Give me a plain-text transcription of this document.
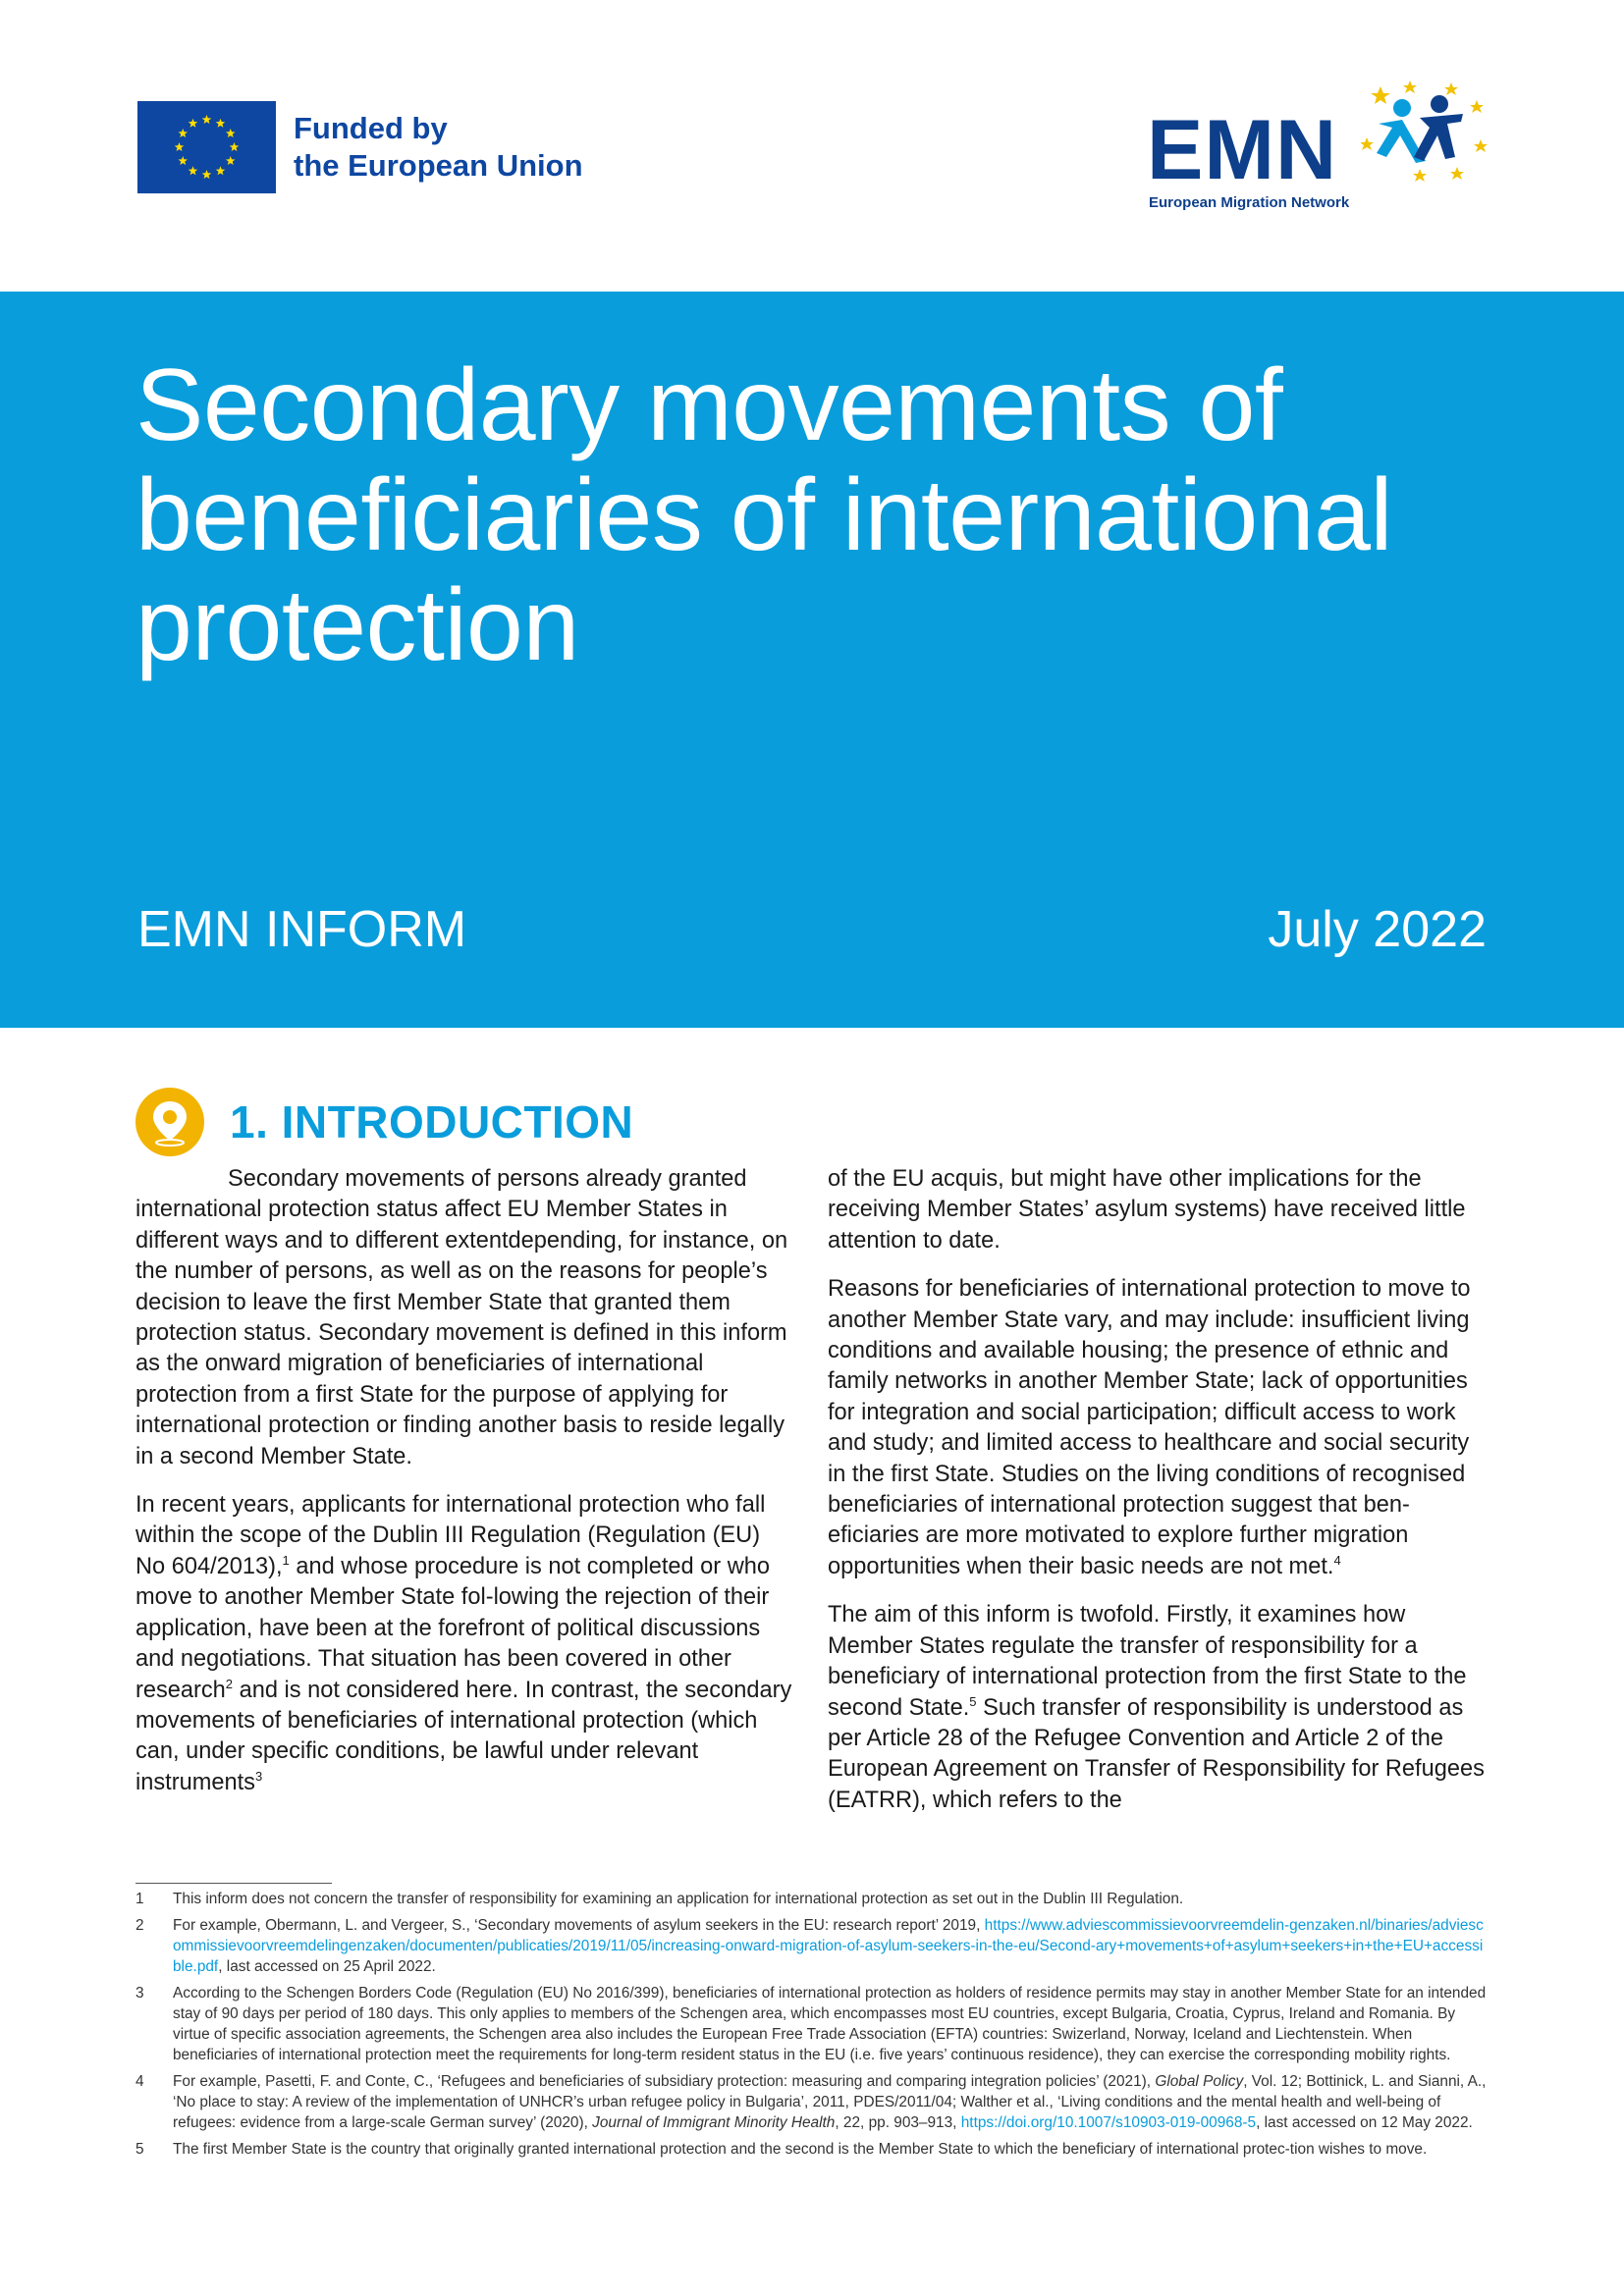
Funded by
the European Union	EMN
European Migration Network
Secondary movements of beneficiaries of international protection
EMN INFORM	July 2022
1. INTRODUCTION

Secondary movements of persons already granted international protection status affect EU Member States in different ways and to different extentdepending, for instance, on the number of persons, as well as on the reasons for people’s decision to leave the first Member State that granted them protection status. Secondary movement is defined in this inform as the onward migration of beneficiaries of international protection from a first State for the purpose of applying for international protection or finding another basis to reside legally in a second Member State.

In recent years, applicants for international protection who fall within the scope of the Dublin III Regulation (Regulation (EU) No 604/2013),$^1$ and whose procedure is not completed or who move to another Member State fol-lowing the rejection of their application, have been at the forefront of political discussions and negotiations. That situation has been covered in other research$^2$ and is not considered here. In contrast, the secondary movements of beneficiaries of international protection (which can, under specific conditions, be lawful under relevant instruments$^3$

of the EU acquis, but might have other implications for the receiving Member States’ asylum systems) have received little attention to date.

Reasons for beneficiaries of international protection to move to another Member State vary, and may include: insufficient living conditions and available housing; the presence of ethnic and family networks in another Member State; lack of opportunities for integration and social participation; difficult access to work and study; and limited access to healthcare and social security in the first State. Studies on the living conditions of recognised beneficiaries of international protection suggest that ben-eficiaries are more motivated to explore further migration opportunities when their basic needs are not met.$^4$

The aim of this inform is twofold. Firstly, it examines how Member States regulate the transfer of responsibility for a beneficiary of international protection from the first State to the second State.$^5$ Such transfer of responsibility is understood as per Article 28 of the Refugee Convention and Article 2 of the European Agreement on Transfer of Responsibility for Refugees (EATRR), which refers to the

1	This inform does not concern the transfer of responsibility for examining an application for international protection as set out in the Dublin III Regulation.
2	For example, Obermann, L. and Vergeer, S., ‘Secondary movements of asylum seekers in the EU: research report’ 2019, https://www.adviescommissievoorvreemdelin-genzaken.nl/binaries/adviescommissievoorvreemdelingenzaken/documenten/publicaties/2019/11/05/increasing-onward-migration-of-asylum-seekers-in-the-eu/Second-ary+movements+of+asylum+seekers+in+the+EU+accessible.pdf, last accessed on 25 April 2022.
3	According to the Schengen Borders Code (Regulation (EU) No 2016/399), beneficiaries of international protection as holders of residence permits may stay in another Member State for an intended stay of 90 days per period of 180 days. This only applies to members of the Schengen area, which encompasses most EU countries, except Bulgaria, Croatia, Cyprus, Ireland and Romania. By virtue of specific association agreements, the Schengen area also includes the European Free Trade Association (EFTA) countries: Swizerland, Norway, Iceland and Liechtenstein. When beneficiaries of international protection meet the requirements for long-term resident status in the EU (i.e. five years’ continuous residence), they can exercise the corresponding mobility rights.
4	For example, Pasetti, F. and Conte, C., ‘Refugees and beneficiaries of subsidiary protection: measuring and comparing integration policies’ (2021), Global Policy, Vol. 12; Bottinick, L. and Sianni, A., ‘No place to stay: A review of the implementation of UNHCR’s urban refugee policy in Bulgaria’, 2011, PDES/2011/04; Walther et al., ‘Living conditions and the mental health and well-being of refugees: evidence from a large-scale German survey’ (2020), Journal of Immigrant Minority Health, 22, pp. 903–913, https://doi.org/10.1007/s10903-019-00968-5, last accessed on 12 May 2022.
5	The first Member State is the country that originally granted international protection and the second is the Member State to which the beneficiary of international protec-tion wishes to move.
